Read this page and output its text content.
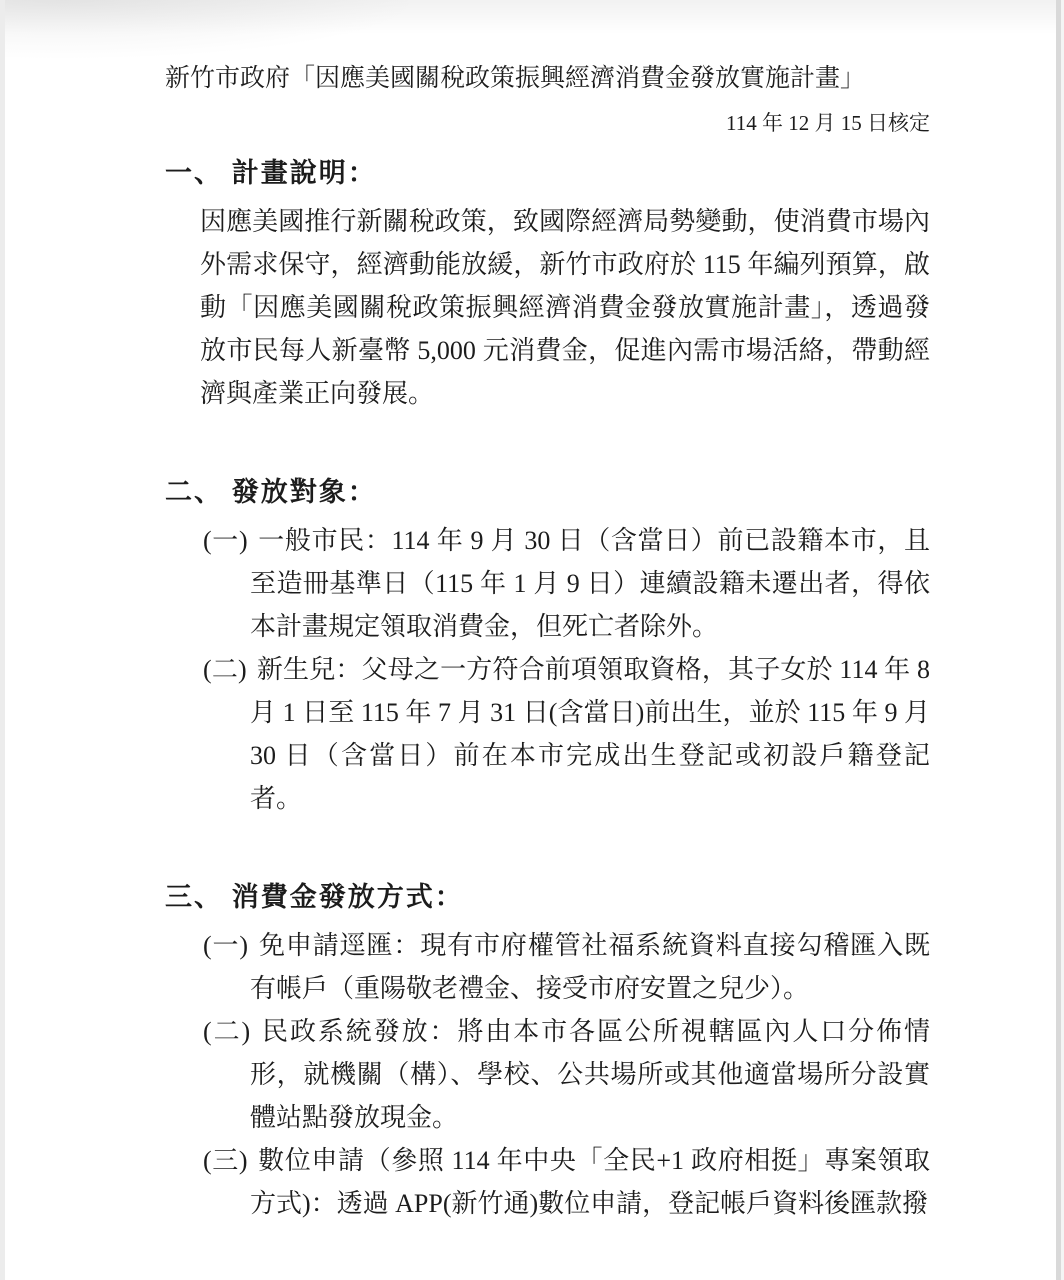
新竹市政府「因應美國關稅政策振興經濟消費金發放實施計畫」
114 年 12 月 15 日核定
一、 計畫說明：

因應美國推行新關稅政策，致國際經濟局勢變動，使消費市場內外需求保守，經濟動能放緩，新竹市政府於 115 年編列預算，啟動「因應美國關稅政策振興經濟消費金發放實施計畫」，透過發放市民每人新臺幣 5,000 元消費金，促進內需市場活絡，帶動經濟與產業正向發展。

二、 發放對象：
(一) 一般市民：114 年 9 月 30 日（含當日）前已設籍本市，且至造冊基準日（115 年 1 月 9 日）連續設籍未遷出者，得依本計畫規定領取消費金，但死亡者除外。
(二) 新生兒：父母之一方符合前項領取資格，其子女於 114 年 8 月 1 日至 115 年 7 月 31 日(含當日)前出生，並於 115 年 9 月 30 日（含當日）前在本市完成出生登記或初設戶籍登記者。
三、 消費金發放方式：
(一) 免申請逕匯：現有市府權管社福系統資料直接勾稽匯入既有帳戶（重陽敬老禮金、接受市府安置之兒少）。
(二) 民政系統發放：將由本市各區公所視轄區內人口分佈情形，就機關（構）、學校、公共場所或其他適當場所分設實體站點發放現金。
(三) 數位申請（參照 114 年中央「全民+1 政府相挺」專案領取方式)：透過 APP(新竹通)數位申請，登記帳戶資料後匯款撥
